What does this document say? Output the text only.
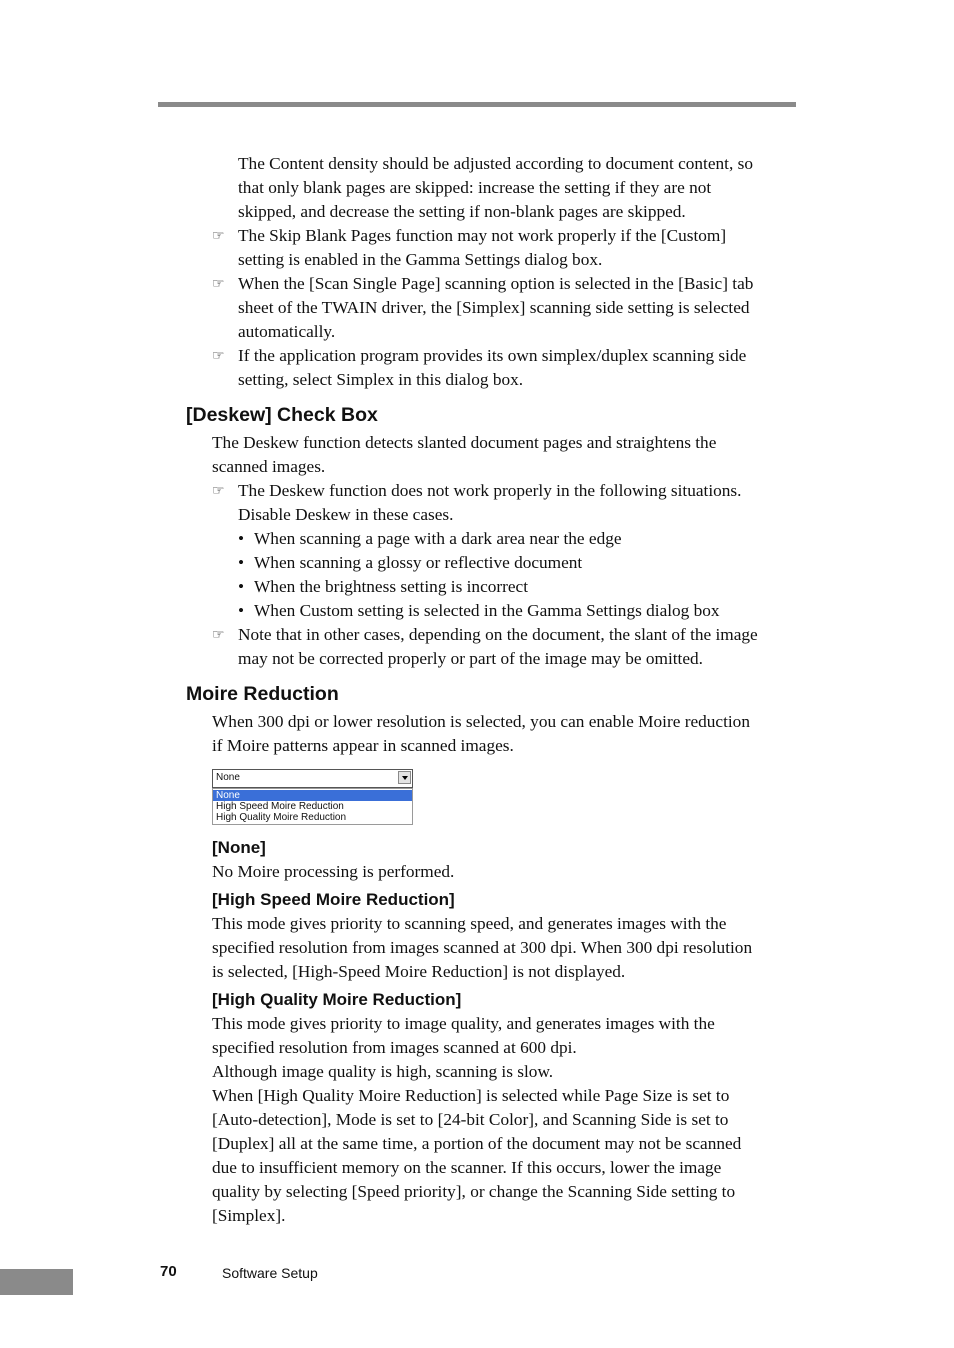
The Content density should be adjusted according to document content, so
that only blank pages are skipped: increase the setting if they are not
skipped, and decrease the setting if non-blank pages are skipped.
☞ The Skip Blank Pages function may not work properly if the [Custom]
setting is enabled in the Gamma Settings dialog box.
☞ When the [Scan Single Page] scanning option is selected in the [Basic] tab
sheet of the TWAIN driver, the [Simplex] scanning side setting is selected
automatically.
☞ If the application program provides its own simplex/duplex scanning side
setting, select Simplex in this dialog box.
[Deskew] Check Box
The Deskew function detects slanted document pages and straightens the
scanned images.
☞ The Deskew function does not work properly in the following situations.
Disable Deskew in these cases.
• When scanning a page with a dark area near the edge
• When scanning a glossy or reflective document
• When the brightness setting is incorrect
• When Custom setting is selected in the Gamma Settings dialog box
☞ Note that in other cases, depending on the document, the slant of the image
may not be corrected properly or part of the image may be omitted.
Moire Reduction
When 300 dpi or lower resolution is selected, you can enable Moire reduction
if Moire patterns appear in scanned images.
None
None
High Speed Moire Reduction
High Quality Moire Reduction
[None]
No Moire processing is performed.
[High Speed Moire Reduction]
This mode gives priority to scanning speed, and generates images with the
specified resolution from images scanned at 300 dpi. When 300 dpi resolution
is selected, [High-Speed Moire Reduction] is not displayed.
[High Quality Moire Reduction]
This mode gives priority to image quality, and generates images with the
specified resolution from images scanned at 600 dpi.
Although image quality is high, scanning is slow.
When [High Quality Moire Reduction] is selected while Page Size is set to
[Auto-detection], Mode is set to [24-bit Color], and Scanning Side is set to
[Duplex] all at the same time, a portion of the document may not be scanned
due to insufficient memory on the scanner. If this occurs, lower the image
quality by selecting [Speed priority], or change the Scanning Side setting to
[Simplex].
70	Software Setup
